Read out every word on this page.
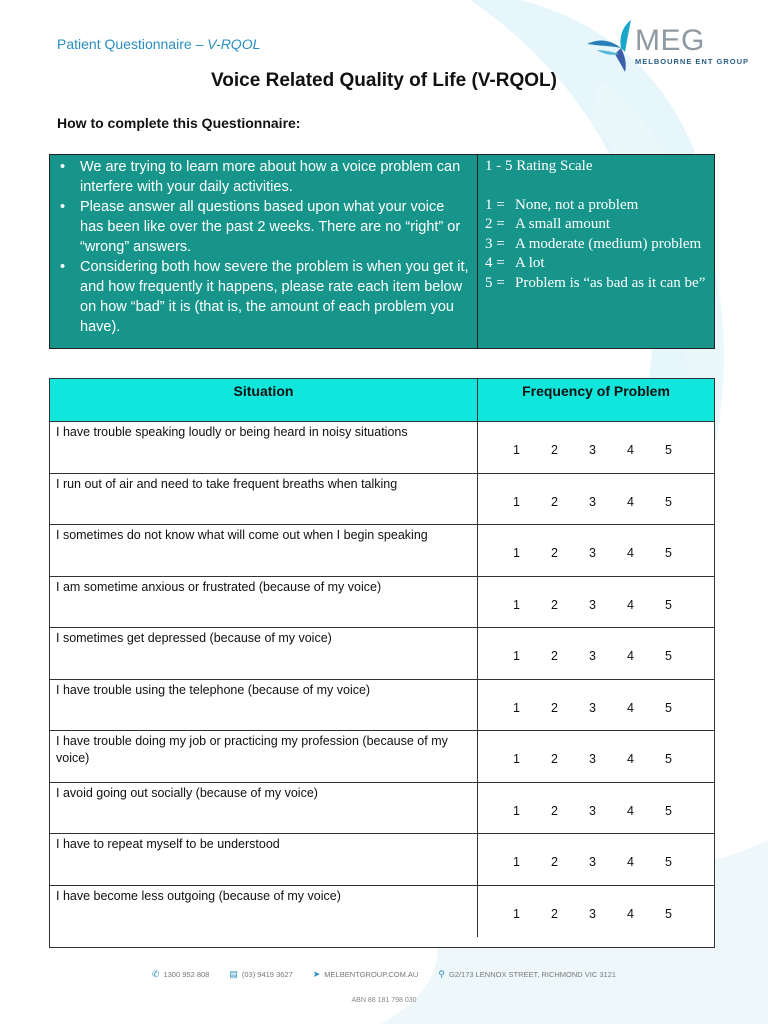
Patient Questionnaire – V-RQOL	MEG
MELBOURNE ENT GROUP
Voice Related Quality of Life (V-RQOL)
How to complete this Questionnaire:
• We are trying to learn more about how a voice problem can interfere with your daily activities.
• Please answer all questions based upon what your voice has been like over the past 2 weeks. There are no “right” or “wrong” answers.
• Considering both how severe the problem is when you get it, and how frequently it happens, please rate each item below on how “bad” it is (that is, the amount of each problem you have).
1 - 5 Rating Scale
1 = None, not a problem
2 = A small amount
3 = A moderate (medium) problem
4 = A lot
5 = Problem is “as bad as it can be”
Situation	Frequency of Problem
I have trouble speaking loudly or being heard in noisy situations
1	2	3	4	5
I run out of air and need to take frequent breaths when talking
1	2	3	4	5
I sometimes do not know what will come out when I begin speaking
1	2	3	4	5
I am sometime anxious or frustrated (because of my voice)
1	2	3	4	5
I sometimes get depressed (because of my voice)
1	2	3	4	5
I have trouble using the telephone (because of my voice)
1	2	3	4	5
I have trouble doing my job or practicing my profession (because of my voice)	1	2	3	4	5
I avoid going out socially (because of my voice)
1	2	3	4	5
I have to repeat myself to be understood
1	2	3	4	5
I have become less outgoing (because of my voice)
1	2	3	4	5
✆ 1300 952 808 ▤ (03) 9419 3627 ➤ MELBENTGROUP.COM.AU ⚲ G2/173 LENNOX STREET, RICHMOND VIC 3121
ABN 88 181 798 030
